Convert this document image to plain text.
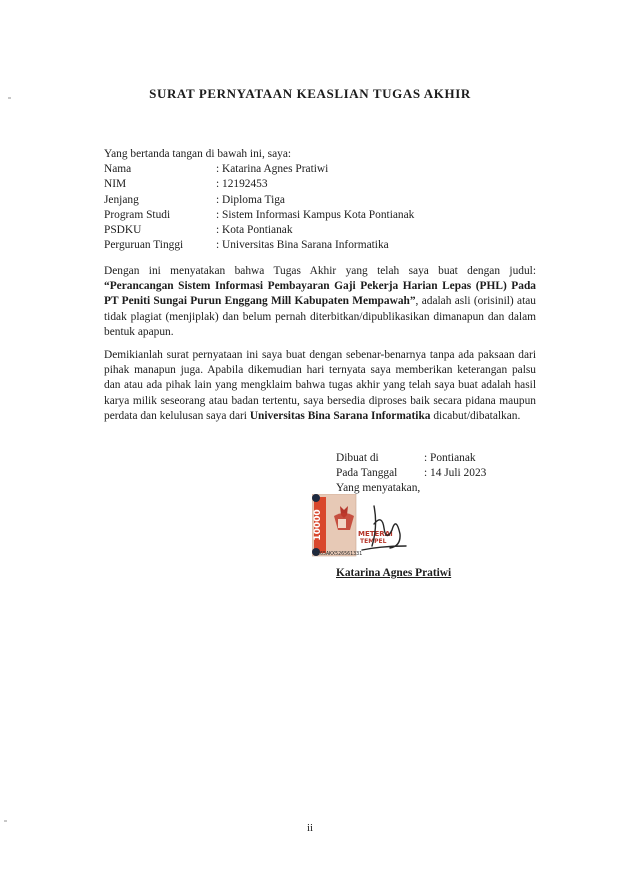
SURAT PERNYATAAN KEASLIAN TUGAS AKHIR
Yang bertanda tangan di bawah ini, saya:
Nama	: Katarina Agnes Pratiwi
NIM	: 12192453
Jenjang	: Diploma Tiga
Program Studi	: Sistem Informasi Kampus Kota Pontianak
PSDKU	: Kota Pontianak
Perguruan Tinggi	: Universitas Bina Sarana Informatika
Dengan ini menyatakan bahwa Tugas Akhir yang telah saya buat dengan judul: “Perancangan Sistem Informasi Pembayaran Gaji Pekerja Harian Lepas (PHL) Pada PT Peniti Sungai Purun Enggang Mill Kabupaten Mempawah”, adalah asli (orisinil) atau tidak plagiat (menjiplak) dan belum pernah diterbitkan/dipublikasikan dimanapun dan dalam bentuk apapun.
Demikianlah surat pernyataan ini saya buat dengan sebenar-benarnya tanpa ada paksaan dari pihak manapun juga. Apabila dikemudian hari ternyata saya memberikan keterangan palsu dan atau ada pihak lain yang mengklaim bahwa tugas akhir yang telah saya buat adalah hasil karya milik seseorang atau badan tertentu, saya bersedia diproses baik secara pidana maupun perdata dan kelulusan saya dari Universitas Bina Sarana Informatika dicabut/dibatalkan.
Dibuat di	: Pontianak
Pada Tanggal	: 14 Juli 2023
Yang menyatakan,
10000	METERAI
TEMPEL
2265AKX526561331
Katarina Agnes Pratiwi
ii
